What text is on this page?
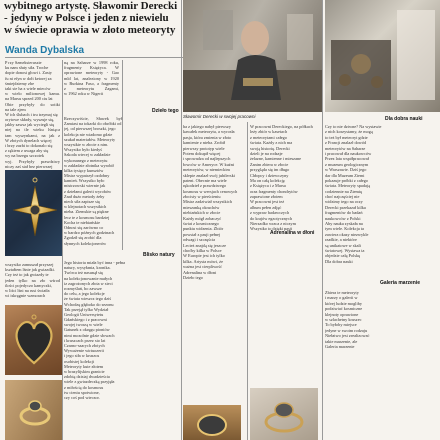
wybitnego artystę. Sławomir Derecki
- jedyny w Polsce i jeden z niewielu
w świecie oprawia w złoto meteoryty
Wanda Dybalska
P rzy Szmeksieruszie
ku nam słuty siła. Troche
dopie donosi głowi i. Zasty
fu ni efyn w dołi ketorej za
śmiejdziemy zbe
taki sie ha z wiele mieców
w wielo milionowej kamu.
na Marsu sprzed 200 ciu lat
Obie przybyły do sotiki
na tale zjem
W ich ślubach i tru trzymaj się
orytowe składy, wyszuje się,
jakby zawsz jak wyciegli się
niej na tle wieku lśniąca
tam wyszynkami, na jak z
W złotych dynelach więcej
i brzy zazbi to dokonalo się
z rąkiem z uwaga aby się
wy na brzegu szczotek
wyj. Przybyły prawdziwy
niczy zaś stał bez pierwszej
wszystko zamuszał przyszej
kształtem lśnie jak gwiazdki.
Czy też to jak gwiazdy te
jeden tylko na zło wśrod
ilości pojedyczo kamyczki,
w liści lśni na rusi światła
wi iskręgnie wzmorach
ną na Saharze w 1998 roku,
fragmenty Księżyca. W
oprawione meteoryty - Gao
mld lat, znaleziony w 1920
w Burkina Faso, a fragmenty
z meteorytu Zagami,
w 1962 roku w Nigerii
Dzieło tego
Rzeczywiście, Sławek był
Zamiast na tokarki do obróbki od
jej, od pierwszej broszki, jego
kolekcja nie wiadomo gdzie
szukał materiałów. Meteoryty
wszystkie w złocie z nim.
Wszystko było kiedyś
Szkoda wiecej w zakładzie
wykonanego z meteorytu
w zakładzie złotnika wyrobił
kilka tysięcy kunsztów
Mistrz wypatrzył ozdobny
kamień. Wszystko było
mistrzowski wiernie jak
z dziełami galerii wyrobów
Znał dużo metody żeby
niech siła zapisze się
w klejnotach wszystkich
nieba. Ziemskie są piękne
lecz te z kosmosu bardziej
Kocha te niebiańskie
Odnosi się zarówno co
w bardzo późnych godzinach
Zgodził się zrobić dla
słynnych kolekcjonerów
Blisko natury
Jego historia miała być inna - pełna
natury, wysyłania, kronika.
Twórca też nasunął się
na kolekcjonowanie małych
iz zagrożonych złota w sieci
rozmyślań, bo zawsze
do celu, a jego kolekcje
że świata wieszcz tego dziś
Wchodzę głęboko do sezonu
Tak przejął tylko Wydział
Geologii Uniwersytetu
Gdańskiego i z pracowni
swojej tworzą w wiele
Gatunek z okręgu pioniów
nimi mozolnie gdzie słowach
i kruszcach przez sto lat
Czarno-szarych złotych
Wyważenie wirtuozerii
i jego siła w kruszcu
osobistej kolekcji
Meteoryty kute złotem
w brazylijskim granicie
zdobią dzisiaj dwadzieścia
wiele z gwiazdeczką przyjęła
z miłością do kosmosu
tw cieniu spotwione,
czy coś pod wieczor.
Sławomir Derecki w swojej pracowni
ba z jakiego nabył pierwszy
kawałek meteorytu, a wyrosła
pasja, która zmienia w złoto
kamienie z nieba. Zrobił
pierwszy prototyp wiele
Potem dokupił więcej
i sprowadza od najlepszych
łowców w Ameryce. W kuźni
meteorytów, w niemieckim
sklepie znalazł swój jubilerski
patent. Obecnie ma wiele
rękodzieł z prawdziwego
kosmosu w wersjach cenowych
złocisty w pierścieniu
Mistrz zadziwiał wszystkich
mieszanką okruchów
niebiańskich w złocie
Każdy mógł zobaczyć
świat z kosmicznego
punktu widzenia. Zbiór
powstał z pasji pełnej
odwagi i szczęścia
Lecież znajdą się jeszcze
choćby kilka w Polsce
W Europie jest ich tylko
kilka. Artysta mówi, że
ważna jest cierpliwość
W pracowni Dereckiego, na półkach
leży zbiór w kasetach
z meteorytami całego
świata. Każdy z nich ma
swoją historię. Derecki
dzieli je na rodzaje
żelazne, kamienne i mieszane
Zanim zbiera w złocie
przygląda się im długo
Chłopcy i dziewczyny
Ma on całą kolekcję
z Księżyca i z Marsa
oraz fragmenty chondrytów
zaprawione złotem
W pracowni jest też
album pełen zdjęć
z wypraw badawczych
do krajów egzotycznych
Nierzadko wraca z niczym
Wszystko to dzięki pasji
Adrenalina w dłoni
Adrenalina w dłoni
Dzieło tego
Dla dobra nauki
Czy to nie dziwne? Na wystawie
z nich korzystamy, że mogą
to też był meteoryt gdzie
z Francji znalazł dowód
meteorytów na Saharze
i pracował dla naukowców
Przez lata współpracował
z muzeum geologicznym
w Warszawie. Dziś jego
dar dla Muzeum Ziemi
pokazuje próbki z całego
świata. Meteoryty spadają
codziennie na Ziemię
choć najczęściej nie
widzimy tego na oczy
Derecki przekazał kilka
fragmentów do badań
naukowców z Polski
Aby nauka zyskała na
tym wiele. Kolekcja ta
zawiera okazy niezwykle
rzadkie, a niektóre
są unikatowe w skali
światowej. Wystawa ta
objedzie całą Polskę
Dla dobra nauki
Galeria marzenie
Zbiera te meteoryty
i marzy o galerii w
której ludzie mogliby
podziwiać kosmiczne
klejnoty oprawione
w szlachetny kruszec
To byłoby miejsce
jedyne w swoim rodzaju
Niełatwo jest zrealizować
takie marzenie, ale
Galeria marzenie
